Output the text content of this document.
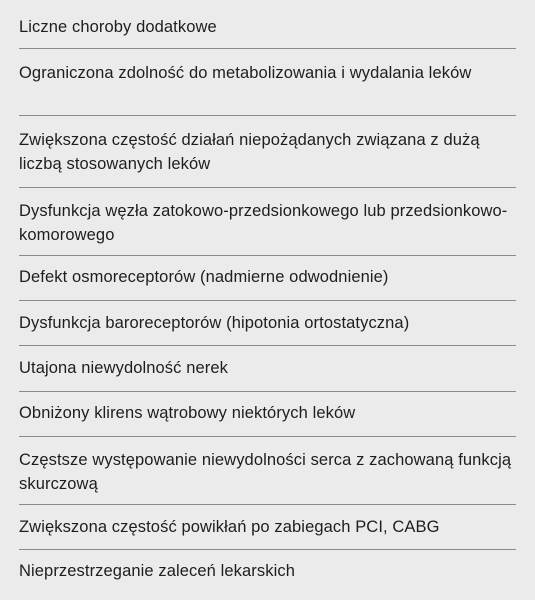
Liczne choroby dodatkowe
Ograniczona zdolność do metabolizowania i wydalania leków
Zwiększona częstość działań niepożądanych związana z dużą liczbą stosowanych leków
Dysfunkcja węzła zatokowo-przedsionkowego lub przedsionkowo-komorowego
Defekt osmoreceptorów (nadmierne odwodnienie)
Dysfunkcja baroreceptorów (hipotonia ortostatyczna)
Utajona niewydolność nerek
Obniżony klirens wątrobowy niektórych leków
Częstsze występowanie niewydolności serca z zachowaną funkcją skurczową
Zwiększona częstość powikłań po zabiegach PCI, CABG
Nieprzestrzeganie zaleceń lekarskich
